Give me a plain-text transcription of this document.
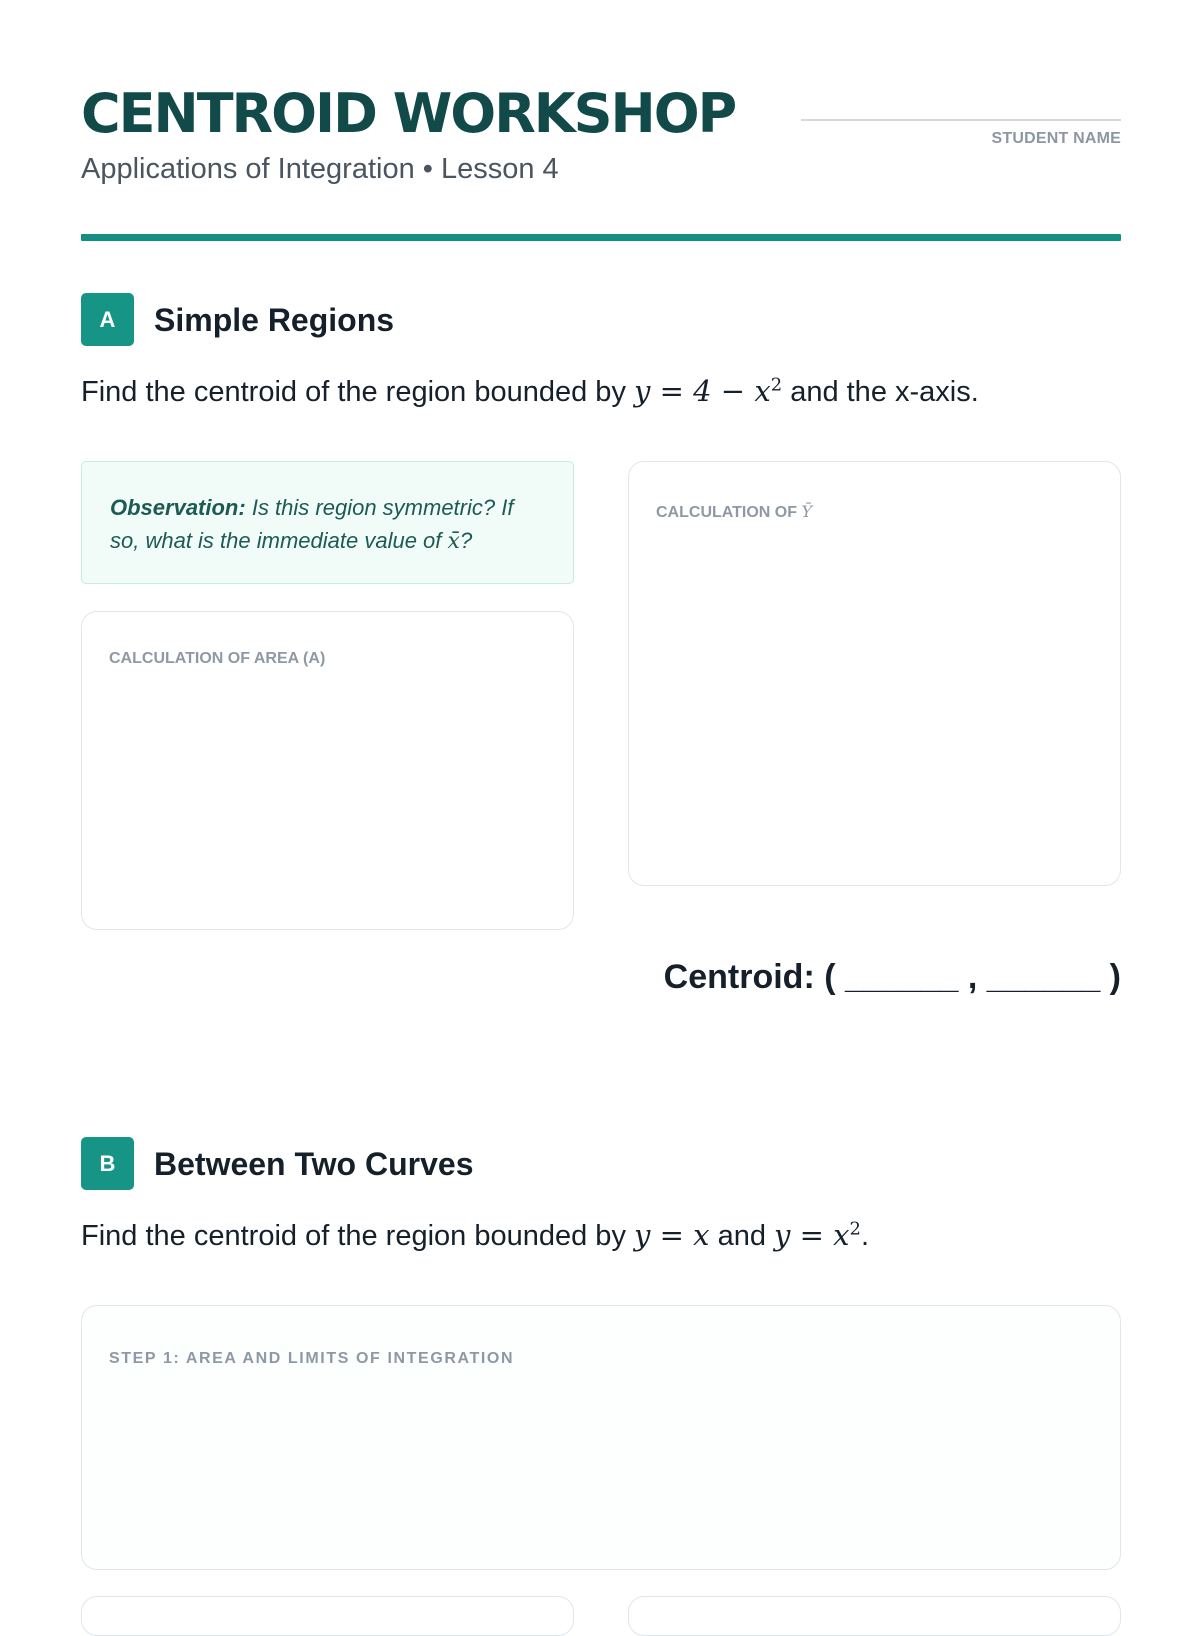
CENTROID WORKSHOP	STUDENT NAME
Applications of Integration • Lesson 4
A	Simple Regions
Find the centroid of the region bounded by $y = 4 - x^2$ and the x-axis.
Observation: Is this region symmetric? If so, what is the immediate value of x̄?
CALCULATION OF AREA (A)
CALCULATION OF Ȳ
Centroid: ( ______ , ______ )
B	Between Two Curves
Find the centroid of the region bounded by y = x and $y = x^2$.
STEP 1: AREA AND LIMITS OF INTEGRATION
